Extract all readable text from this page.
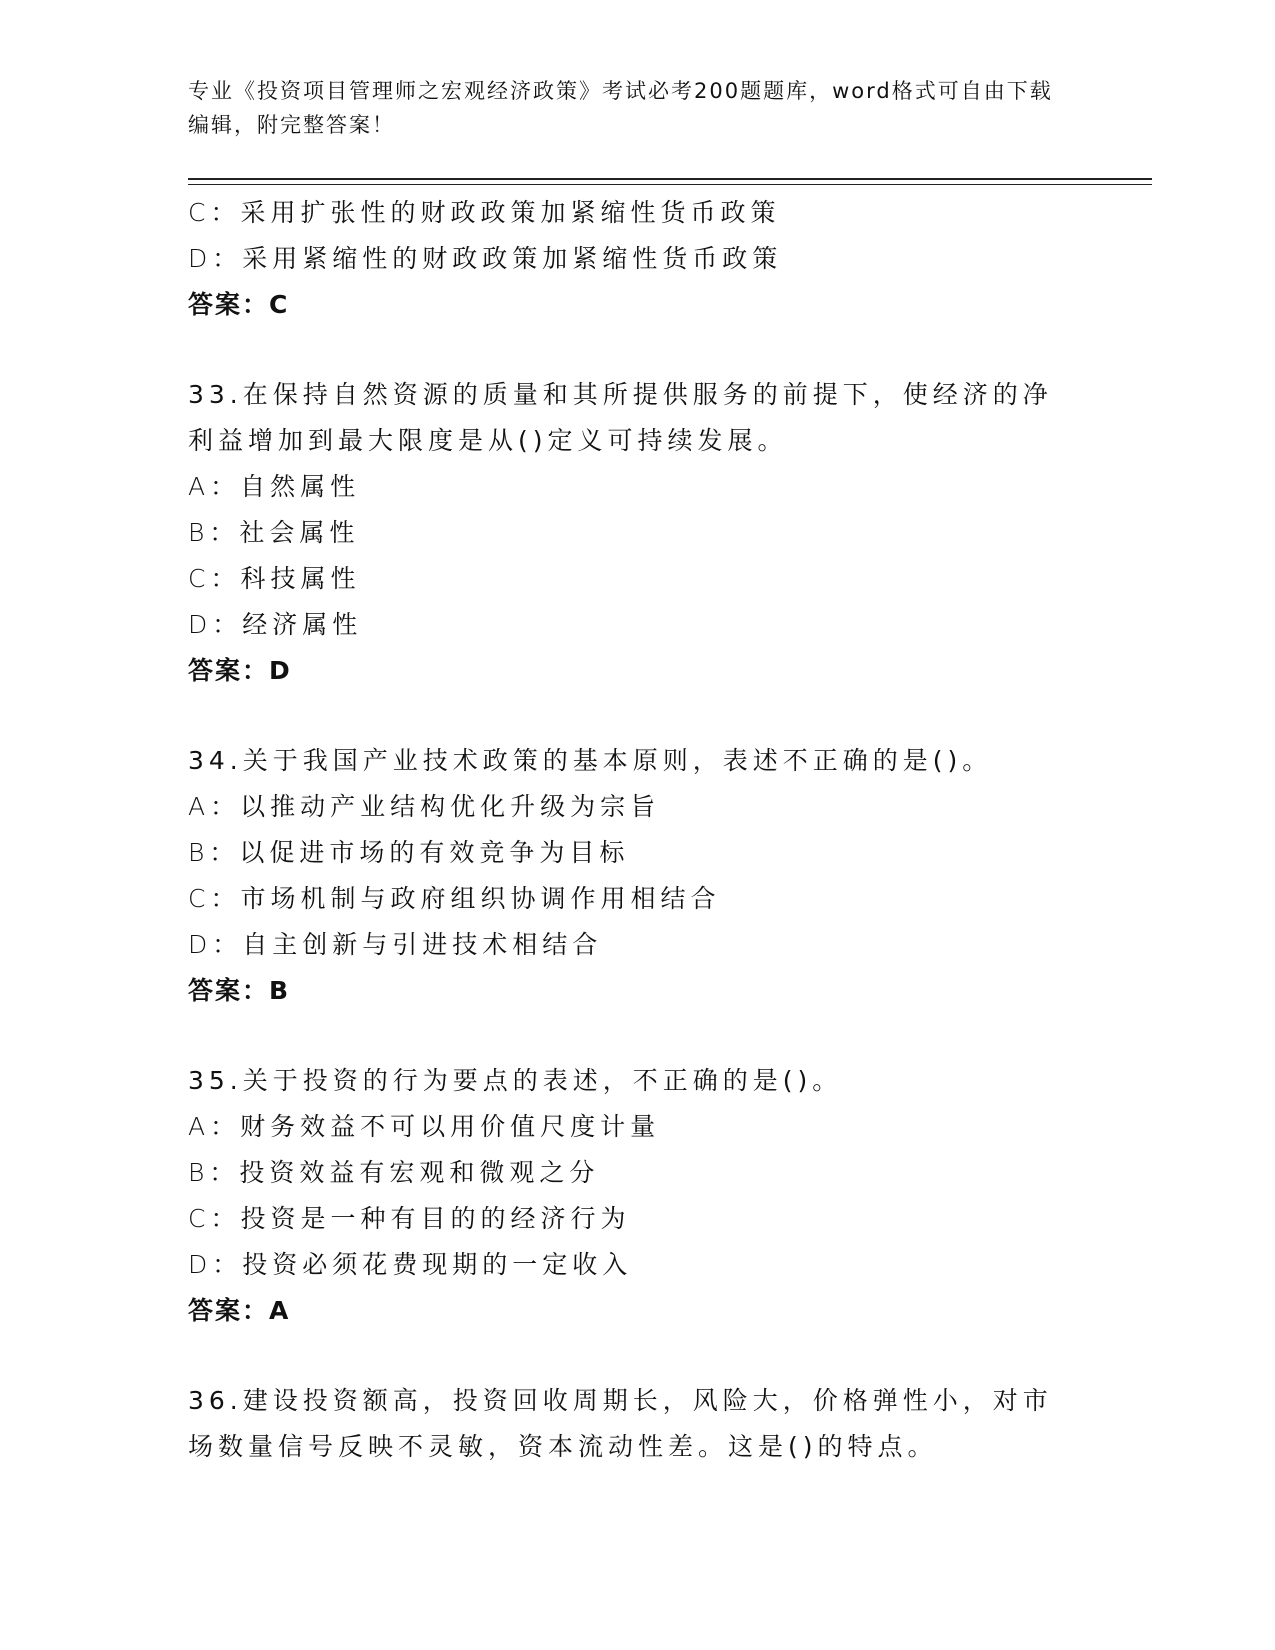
专业《投资项目管理师之宏观经济政策》考试必考200题题库，word格式可自由下载编辑，附完整答案！
C：采用扩张性的财政政策加紧缩性货币政策
D：采用紧缩性的财政政策加紧缩性货币政策
答案：C
33.在保持自然资源的质量和其所提供服务的前提下，使经济的净利益增加到最大限度是从()定义可持续发展。
A：自然属性
B：社会属性
C：科技属性
D：经济属性
答案：D
34.关于我国产业技术政策的基本原则，表述不正确的是()。
A：以推动产业结构优化升级为宗旨
B：以促进市场的有效竞争为目标
C：市场机制与政府组织协调作用相结合
D：自主创新与引进技术相结合
答案：B
35.关于投资的行为要点的表述，不正确的是()。
A：财务效益不可以用价值尺度计量
B：投资效益有宏观和微观之分
C：投资是一种有目的的经济行为
D：投资必须花费现期的一定收入
答案：A
36.建设投资额高，投资回收周期长，风险大，价格弹性小，对市场数量信号反映不灵敏，资本流动性差。这是()的特点。
